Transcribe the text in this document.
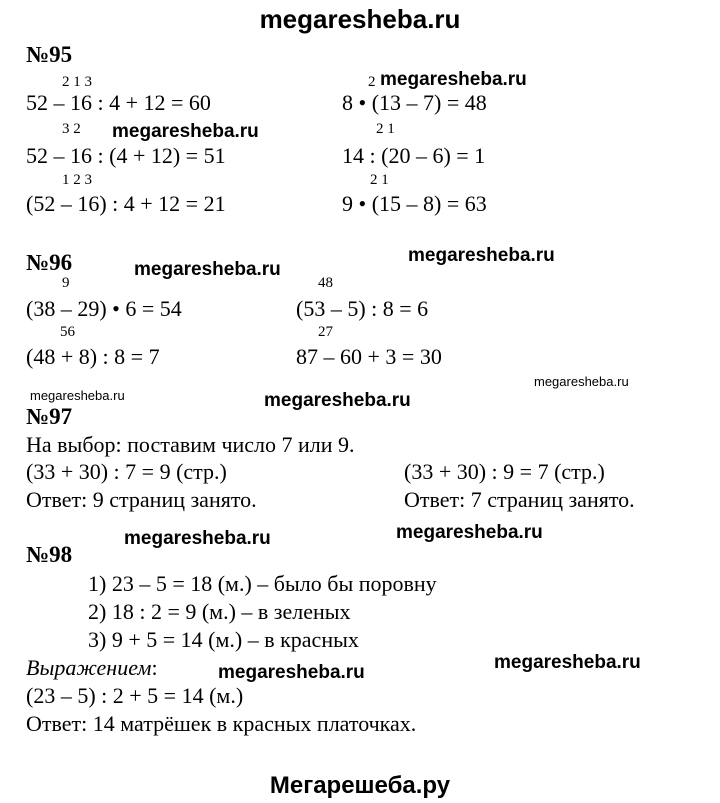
megaresheba.ru
№95
2 1 3
52 – 16 : 4 + 12 = 60
3 2
52 – 16 : (4 + 12) = 51
1 2 3
(52 – 16) : 4 + 12 = 21
2
8 • (13 – 7) = 48
2 1
14 : (20 – 6) = 1
2 1
9 • (15 – 8) = 63
№96
9
(38 – 29) • 6 = 54
56
(48 + 8) : 8 = 7
48
(53 – 5) : 8 = 6
27
87 – 60 + 3 = 30
№97
На выбор: поставим число 7 или 9.
(33 + 30) : 7 = 9 (стр.)
Ответ: 9 страниц занято.
(33 + 30) : 9 = 7 (стр.)
Ответ: 7 страниц занято.
№98
1) 23 – 5 = 18 (м.) – было бы поровну
2) 18 : 2 = 9 (м.) – в зеленых
3) 9 + 5 = 14 (м.) – в красных
Выражением:
(23 – 5) : 2 + 5 = 14 (м.)
Ответ: 14 матрёшек в красных платочках.
megaresheba.ru
megaresheba.ru
megaresheba.ru
megaresheba.ru
megaresheba.ru
megaresheba.ru
megaresheba.ru
megaresheba.ru	megaresheba.ru
megaresheba.ru
megaresheba.ru
Мегарешеба.ру
